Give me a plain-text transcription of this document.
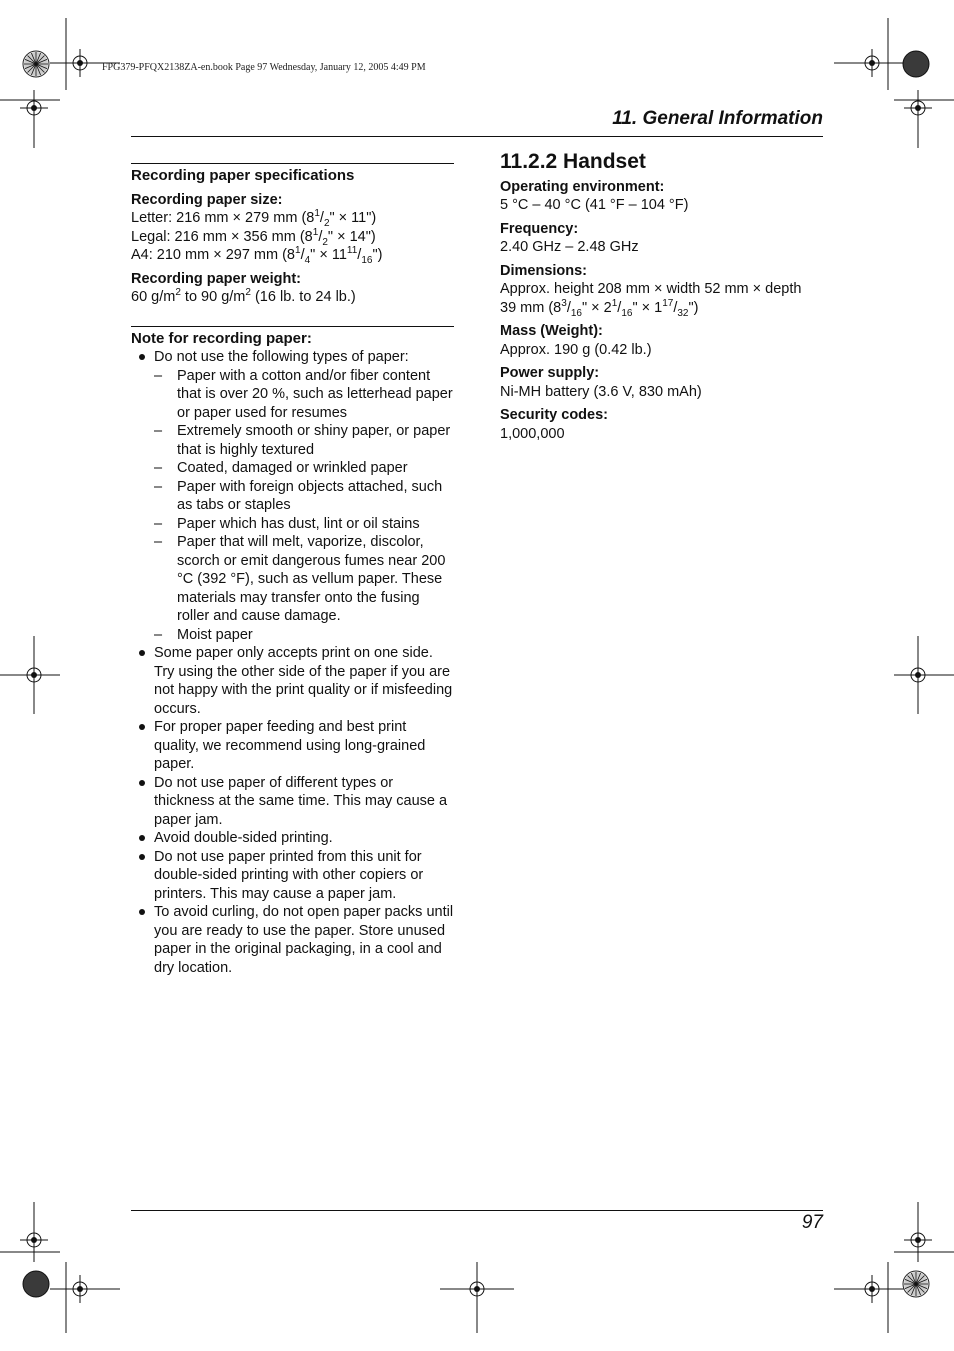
FPG379-PFQX2138ZA-en.book Page 97 Wednesday, January 12, 2005 4:49 PM
11. General Information

Recording paper specifications

Recording paper size:

Letter: 216 mm × 279 mm ($8^1/_2$" × 11")

Legal: 216 mm × 356 mm ($8^1/_2$" × 14")

A4: 210 mm × 297 mm ($8^1/_4$" × $11^{11}/_{16}$")

Recording paper weight:

60 $g/m^2$ to 90 $g/m^2$ (16 lb. to 24 lb.)

Note for recording paper:

Do not use the following types of paper:
– Paper with a cotton and/or fiber content that is over 20 %, such as letterhead paper or paper used for resumes
– Extremely smooth or shiny paper, or paper that is highly textured
– Coated, damaged or wrinkled paper
– Paper with foreign objects attached, such as tabs or staples
– Paper which has dust, lint or oil stains
– Paper that will melt, vaporize, discolor, scorch or emit dangerous fumes near 200 °C (392 °F), such as vellum paper. These materials may transfer onto the fusing roller and cause damage.
– Moist paper
Some paper only accepts print on one side. Try using the other side of the paper if you are not happy with the print quality or if misfeeding occurs.
For proper paper feeding and best print quality, we recommend using long-grained paper.
Do not use paper of different types or thickness at the same time. This may cause a paper jam.
Avoid double-sided printing.
Do not use paper printed from this unit for double-sided printing with other copiers or printers. This may cause a paper jam.
To avoid curling, do not open paper packs until you are ready to use the paper. Store unused paper in the original packaging, in a cool and dry location.

11.2.2 Handset

Operating environment:

5 °C – 40 °C (41 °F – 104 °F)

Frequency:

2.40 GHz – 2.48 GHz

Dimensions:

Approx. height 208 mm × width 52 mm × depth

39 mm ($8^3/_{16}$" × $2^1/_{16}$" × $1^{17}/_{32}$")

Mass (Weight):

Approx. 190 g (0.42 lb.)

Power supply:

Ni-MH battery (3.6 V, 830 mAh)

Security codes:

1,000,000

97
